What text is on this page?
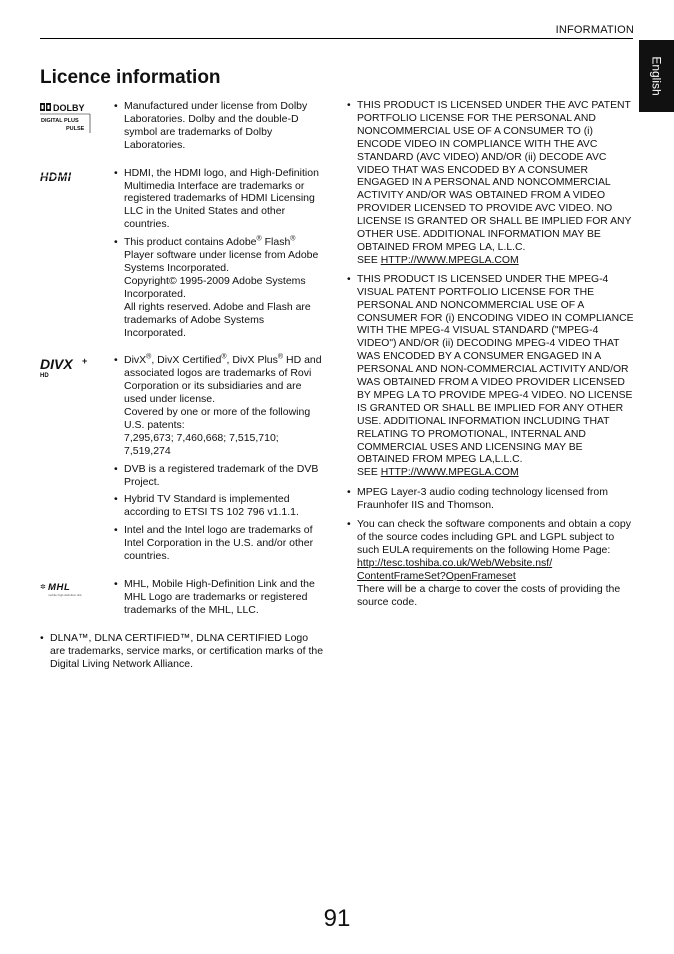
INFORMATION
English
Licence information
DOLBY
DIGITAL PLUS
PULSE
• Manufactured under license from Dolby Laboratories. Dolby and the double-D symbol are trademarks of Dolby Laboratories.
HDMI
•	HDMI, the HDMI logo, and High-Definition Multimedia Interface are trademarks or registered trademarks of HDMI Licensing LLC in the United States and other countries.
• This product contains Adobe® Flash® Player software under license from Adobe Systems Incorporated.
Copyright© 1995-2009 Adobe Systems Incorporated.
All rights reserved. Adobe and Flash are trademarks of Adobe Systems Incorporated.
DIVX +
HD
• DivX®, DivX Certified®, DivX Plus® HD and associated logos are trademarks of Rovi Corporation or its subsidiaries and are used under license.
Covered by one or more of the following U.S. patents:
7,295,673; 7,460,668; 7,515,710; 7,519,274
• DVB is a registered trademark of the DVB Project.
• Hybrid TV Standard is implemented according to ETSI TS 102 796 v1.1.1.
• Intel and the Intel logo are trademarks of Intel Corporation in the U.S. and/or other countries.
✲ MHL
mobile high-definition link
• MHL, Mobile High-Definition Link and the MHL Logo are trademarks or registered trademarks of the MHL, LLC.
• DLNA™, DLNA CERTIFIED™, DLNA CERTIFIED Logo are trademarks, service marks, or certification marks of the Digital Living Network Alliance.
• THIS PRODUCT IS LICENSED UNDER THE AVC PATENT PORTFOLIO LICENSE FOR THE PERSONAL AND NONCOMMERCIAL USE OF A CONSUMER TO (i) ENCODE VIDEO IN COMPLIANCE WITH THE AVC STANDARD (AVC VIDEO) AND/OR (ii) DECODE AVC VIDEO THAT WAS ENCODED BY A CONSUMER ENGAGED IN A PERSONAL AND NONCOMMERCIAL ACTIVITY AND/OR WAS OBTAINED FROM A VIDEO PROVIDER LICENSED TO PROVIDE AVC VIDEO. NO LICENSE IS GRANTED OR SHALL BE IMPLIED FOR ANY OTHER USE. ADDITIONAL INFORMATION MAY BE OBTAINED FROM MPEG LA, L.L.C.
SEE HTTP://WWW.MPEGLA.COM
• THIS PRODUCT IS LICENSED UNDER THE MPEG-4 VISUAL PATENT PORTFOLIO LICENSE FOR THE PERSONAL AND NONCOMMERCIAL USE OF A CONSUMER FOR (i) ENCODING VIDEO IN COMPLIANCE WITH THE MPEG-4 VISUAL STANDARD ("MPEG-4 VIDEO") AND/OR (ii) DECODING MPEG-4 VIDEO THAT WAS ENCODED BY A CONSUMER ENGAGED IN A PERSONAL AND NON-COMMERCIAL ACTIVITY AND/OR WAS OBTAINED FROM A VIDEO PROVIDER LICENSED BY MPEG LA TO PROVIDE MPEG-4 VIDEO. NO LICENSE IS GRANTED OR SHALL BE IMPLIED FOR ANY OTHER USE. ADDITIONAL INFORMATION INCLUDING THAT RELATING TO PROMOTIONAL, INTERNAL AND COMMERCIAL USES AND LICENSING MAY BE OBTAINED FROM MPEG LA,L.L.C.
SEE HTTP://WWW.MPEGLA.COM
• MPEG Layer-3 audio coding technology licensed from Fraunhofer IIS and Thomson.
• You can check the software components and obtain a copy of the source codes including GPL and LGPL subject to such EULA requirements on the following Home Page:
http://tesc.toshiba.co.uk/Web/Website.nsf/
ContentFrameSet?OpenFrameset
There will be a charge to cover the costs of providing the source code.
91
